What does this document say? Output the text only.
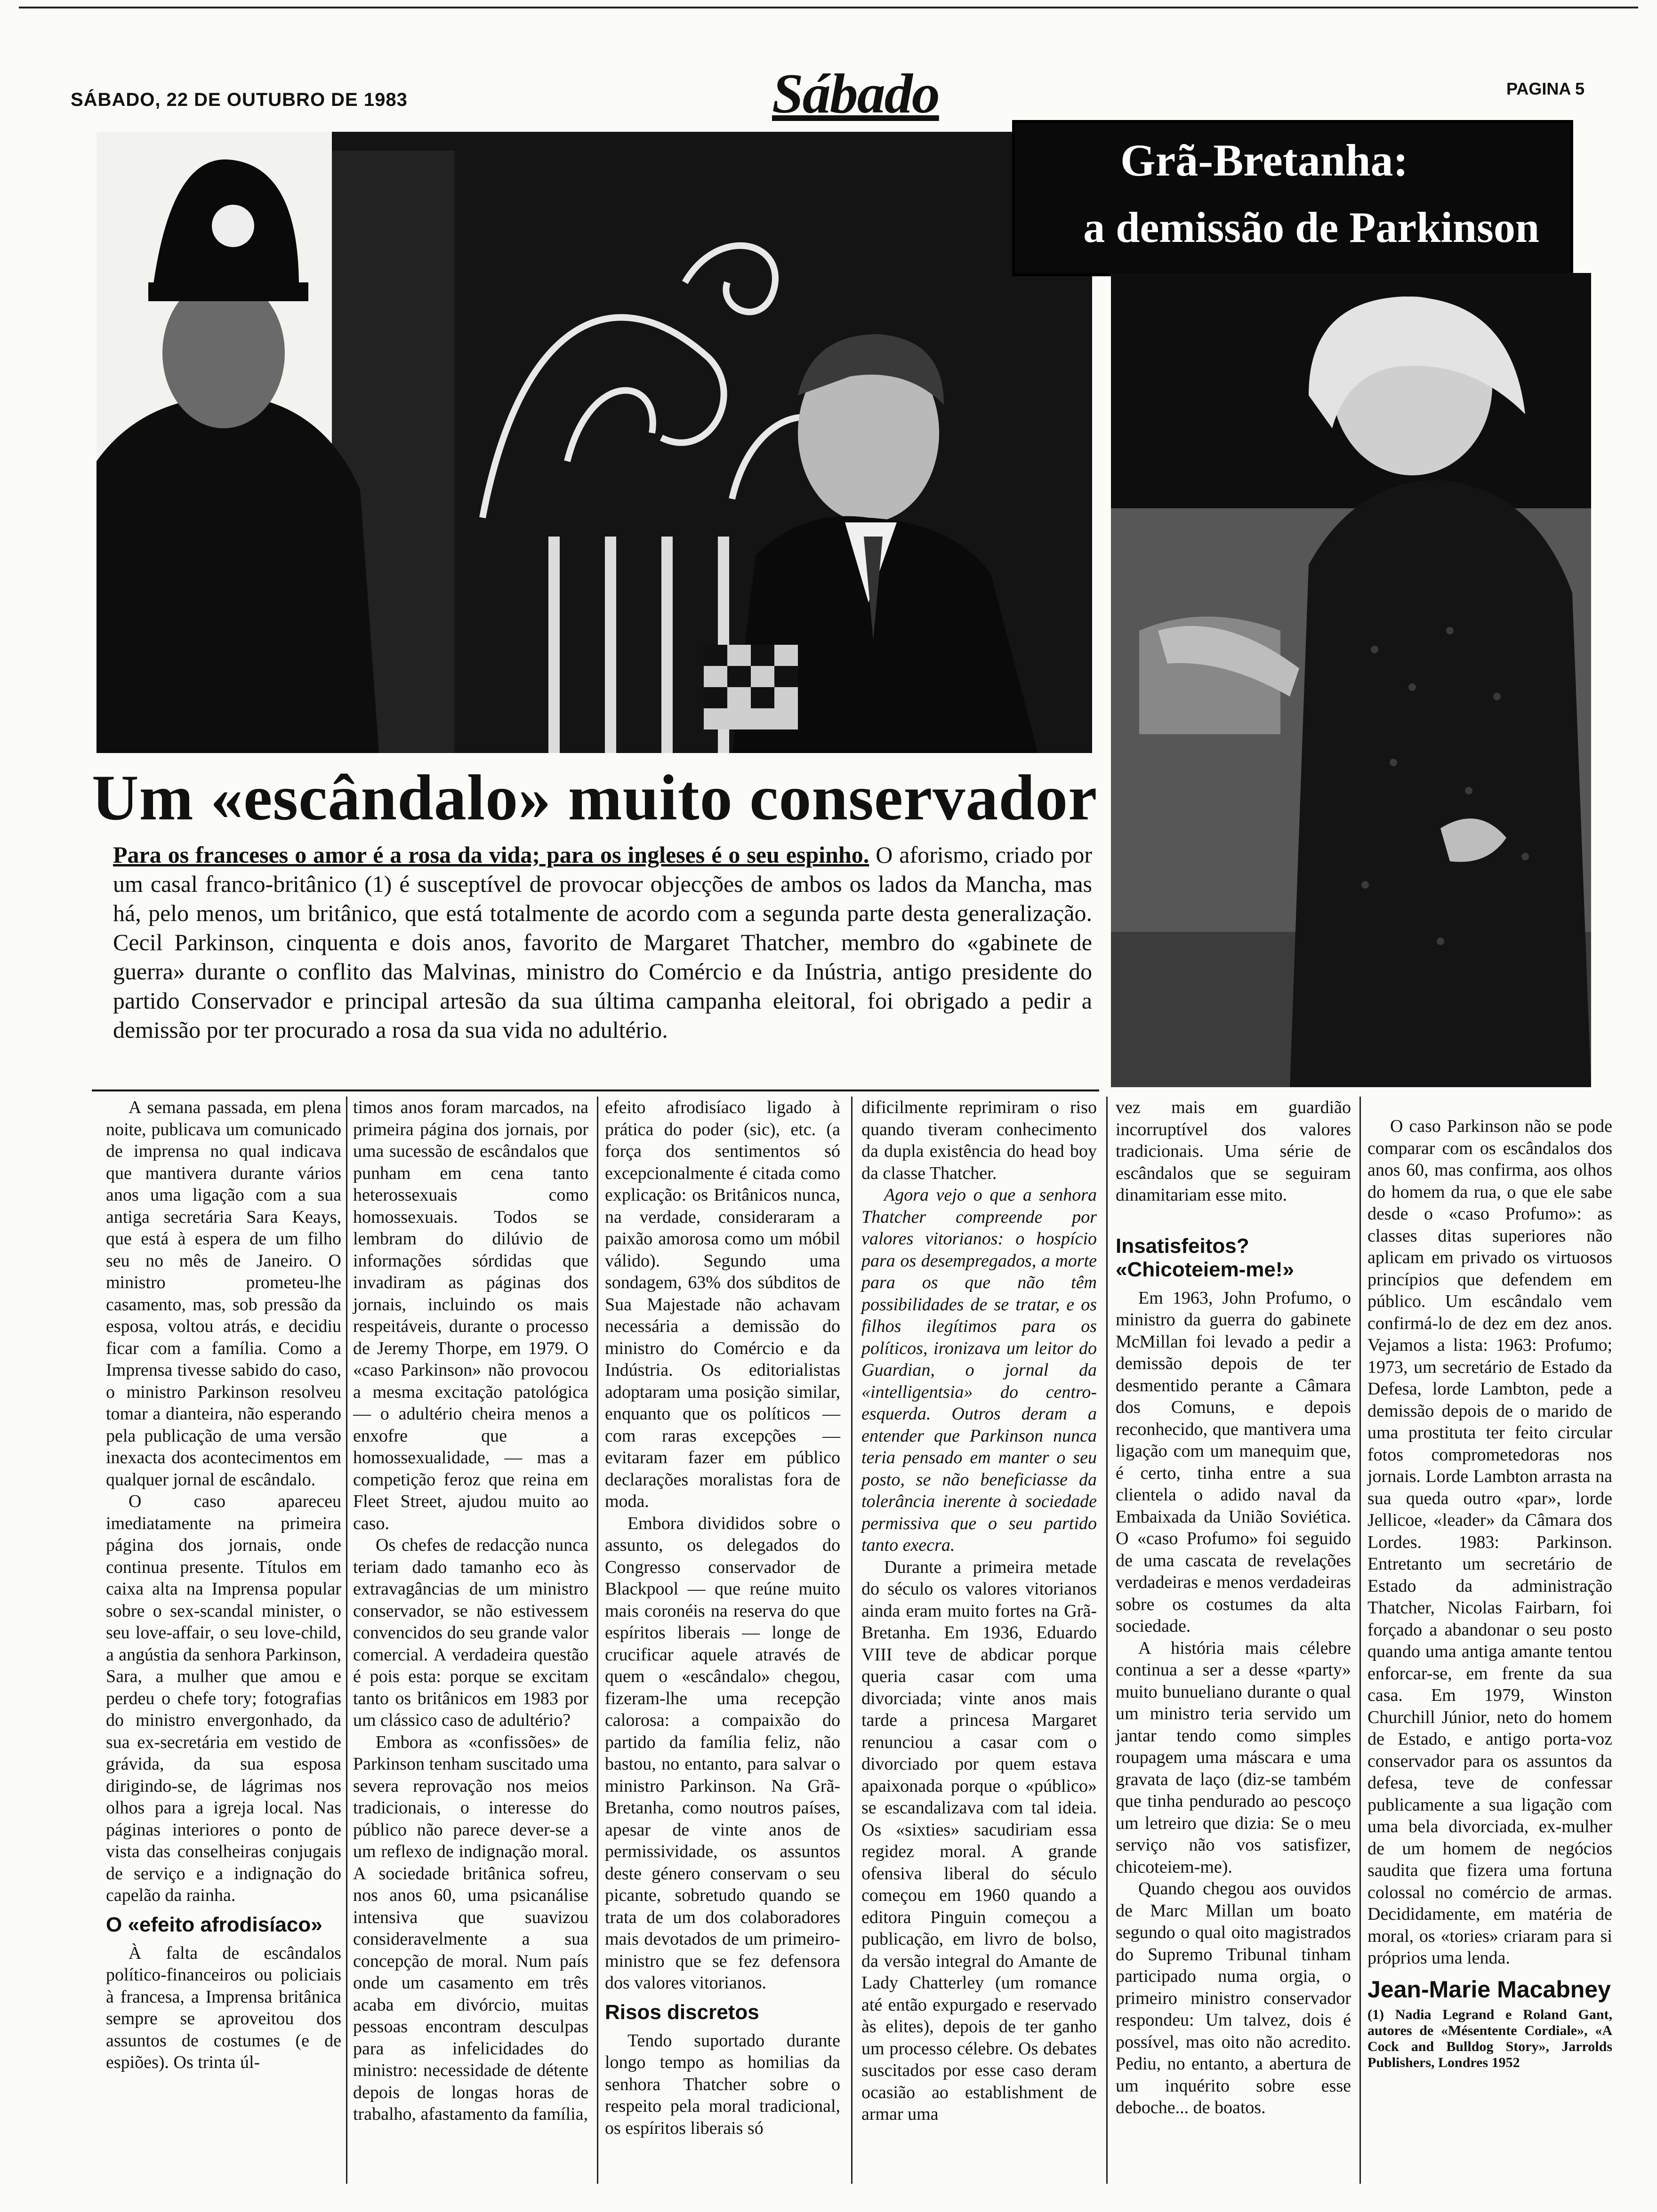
SÁBADO, 22 DE OUTUBRO DE 1983	Sábado	PAGINA 5
Grã-Bretanha:
a demissão de Parkinson
Um «escândalo» muito conservador
Para os franceses o amor é a rosa da vida; para os ingleses é o seu espinho. O aforismo, criado por um casal franco-britânico (1) é susceptível de provocar objecções de ambos os lados da Mancha, mas há, pelo menos, um britânico, que está totalmente de acordo com a segunda parte desta generalização. Cecil Parkinson, cinquenta e dois anos, favorito de Margaret Thatcher, membro do «gabinete de guerra» durante o conflito das Malvinas, ministro do Comércio e da Inústria, antigo presidente do partido Conservador e principal artesão da sua última campanha eleitoral, foi obrigado a pedir a demissão por ter procurado a rosa da sua vida no adultério.

A semana passada, em plena noite, publicava um comunicado de imprensa no qual indicava que mantivera durante vários anos uma ligação com a sua antiga secretária Sara Keays, que está à espera de um filho seu no mês de Janeiro. O ministro prometeu-lhe casamento, mas, sob pressão da esposa, voltou atrás, e decidiu ficar com a família. Como a Imprensa tivesse sabido do caso, o ministro Parkinson resolveu tomar a dianteira, não esperando pela publicação de uma versão inexacta dos acontecimentos em qualquer jornal de escândalo.

O caso apareceu imediatamente na primeira página dos jornais, onde continua presente. Títulos em caixa alta na Imprensa popular sobre o sex-scandal minister, o seu love-affair, o seu love-child, a angústia da senhora Parkinson, Sara, a mulher que amou e perdeu o chefe tory; fotografias do ministro envergonhado, da sua ex-secretária em vestido de grávida, da sua esposa dirigindo-se, de lágrimas nos olhos para a igreja local. Nas páginas interiores o ponto de vista das conselheiras conjugais de serviço e a indignação do capelão da rainha.

O «efeito afrodisíaco»

À falta de escândalos político-financeiros ou policiais à francesa, a Imprensa britânica sempre se aproveitou dos assuntos de costumes (e de espiões). Os trinta úl-

timos anos foram marcados, na primeira página dos jornais, por uma sucessão de escândalos que punham em cena tanto heterossexuais como homossexuais. Todos se lembram do dilúvio de informações sórdidas que invadiram as páginas dos jornais, incluindo os mais respeitáveis, durante o processo de Jeremy Thorpe, em 1979. O «caso Parkinson» não provocou a mesma excitação patológica — o adultério cheira menos a enxofre que a homossexualidade, — mas a competição feroz que reina em Fleet Street, ajudou muito ao caso.

Os chefes de redacção nunca teriam dado tamanho eco às extravagâncias de um ministro conservador, se não estivessem convencidos do seu grande valor comercial. A verdadeira questão é pois esta: porque se excitam tanto os britânicos em 1983 por um clássico caso de adultério?

Embora as «confissões» de Parkinson tenham suscitado uma severa reprovação nos meios tradicionais, o interesse do público não parece dever-se a um reflexo de indignação moral. A sociedade britânica sofreu, nos anos 60, uma psicanálise intensiva que suavizou consideravelmente a sua concepção de moral. Num país onde um casamento em três acaba em divórcio, muitas pessoas encontram desculpas para as infelicidades do ministro: necessidade de détente depois de longas horas de trabalho, afastamento da família,

efeito afrodisíaco ligado à prática do poder (sic), etc. (a força dos sentimentos só excepcionalmente é citada como explicação: os Britânicos nunca, na verdade, consideraram a paixão amorosa como um móbil válido). Segundo uma sondagem, 63% dos súbditos de Sua Majestade não achavam necessária a demissão do ministro do Comércio e da Indústria. Os editorialistas adoptaram uma posição similar, enquanto que os políticos — com raras excepções — evitaram fazer em público declarações moralistas fora de moda.

Embora divididos sobre o assunto, os delegados do Congresso conservador de Blackpool — que reúne muito mais coronéis na reserva do que espíritos liberais — longe de crucificar aquele através de quem o «escândalo» chegou, fizeram-lhe uma recepção calorosa: a compaixão do partido da família feliz, não bastou, no entanto, para salvar o ministro Parkinson. Na Grã-Bretanha, como noutros países, apesar de vinte anos de permissividade, os assuntos deste género conservam o seu picante, sobretudo quando se trata de um dos colaboradores mais devotados de um primeiro-ministro que se fez defensora dos valores vitorianos.

Risos discretos

Tendo suportado durante longo tempo as homilias da senhora Thatcher sobre o respeito pela moral tradicional, os espíritos liberais só

dificilmente reprimiram o riso quando tiveram conhecimento da dupla existência do head boy da classe Thatcher.

Agora vejo o que a senhora Thatcher compreende por valores vitorianos: o hospício para os desempregados, a morte para os que não têm possibilidades de se tratar, e os filhos ilegítimos para os políticos, ironizava um leitor do Guardian, o jornal da «intelligentsia» do centro-esquerda. Outros deram a entender que Parkinson nunca teria pensado em manter o seu posto, se não beneficiasse da tolerância inerente à sociedade permissiva que o seu partido tanto execra.

Durante a primeira metade do século os valores vitorianos ainda eram muito fortes na Grã-Bretanha. Em 1936, Eduardo VIII teve de abdicar porque queria casar com uma divorciada; vinte anos mais tarde a princesa Margaret renunciou a casar com o divorciado por quem estava apaixonada porque o «público» se escandalizava com tal ideia. Os «sixties» sacudiriam essa regidez moral. A grande ofensiva liberal do século começou em 1960 quando a editora Pinguin começou a publicação, em livro de bolso, da versão integral do Amante de Lady Chatterley (um romance até então expurgado e reservado às elites), depois de ter ganho um processo célebre. Os debates suscitados por esse caso deram ocasião ao establishment de armar uma

vez mais em guardião incorruptível dos valores tradicionais. Uma série de escândalos que se seguiram dinamitariam esse mito.

Insatisfeitos? «Chicoteiem-me!»

Em 1963, John Profumo, o ministro da guerra do gabinete McMillan foi levado a pedir a demissão depois de ter desmentido perante a Câmara dos Comuns, e depois reconhecido, que mantivera uma ligação com um manequim que, é certo, tinha entre a sua clientela o adido naval da Embaixada da União Soviética. O «caso Profumo» foi seguido de uma cascata de revelações verdadeiras e menos verdadeiras sobre os costumes da alta sociedade.

A história mais célebre continua a ser a desse «party» muito bunueliano durante o qual um ministro teria servido um jantar tendo como simples roupagem uma máscara e uma gravata de laço (diz-se também que tinha pendurado ao pescoço um letreiro que dizia: Se o meu serviço não vos satisfizer, chicoteiem-me).

Quando chegou aos ouvidos de Marc Millan um boato segundo o qual oito magistrados do Supremo Tribunal tinham participado numa orgia, o primeiro ministro conservador respondeu: Um talvez, dois é possível, mas oito não acredito. Pediu, no entanto, a abertura de um inquérito sobre esse deboche... de boatos.

O caso Parkinson não se pode comparar com os escândalos dos anos 60, mas confirma, aos olhos do homem da rua, o que ele sabe desde o «caso Profumo»: as classes ditas superiores não aplicam em privado os virtuosos princípios que defendem em público. Um escândalo vem confirmá-lo de dez em dez anos. Vejamos a lista: 1963: Profumo; 1973, um secretário de Estado da Defesa, lorde Lambton, pede a demissão depois de o marido de uma prostituta ter feito circular fotos comprometedoras nos jornais. Lorde Lambton arrasta na sua queda outro «par», lorde Jellicoe, «leader» da Câmara dos Lordes. 1983: Parkinson. Entretanto um secretário de Estado da administração Thatcher, Nicolas Fairbarn, foi forçado a abandonar o seu posto quando uma antiga amante tentou enforcar-se, em frente da sua casa. Em 1979, Winston Churchill Júnior, neto do homem de Estado, e antigo porta-voz conservador para os assuntos da defesa, teve de confessar publicamente a sua ligação com uma bela divorciada, ex-mulher de um homem de negócios saudita que fizera uma fortuna colossal no comércio de armas. Decididamente, em matéria de moral, os «tories» criaram para si próprios uma lenda.

Jean-Marie Macabney

(1) Nadia Legrand e Roland Gant, autores de «Mésentente Cordiale», «A Cock and Bulldog Story», Jarrolds Publishers, Londres 1952
